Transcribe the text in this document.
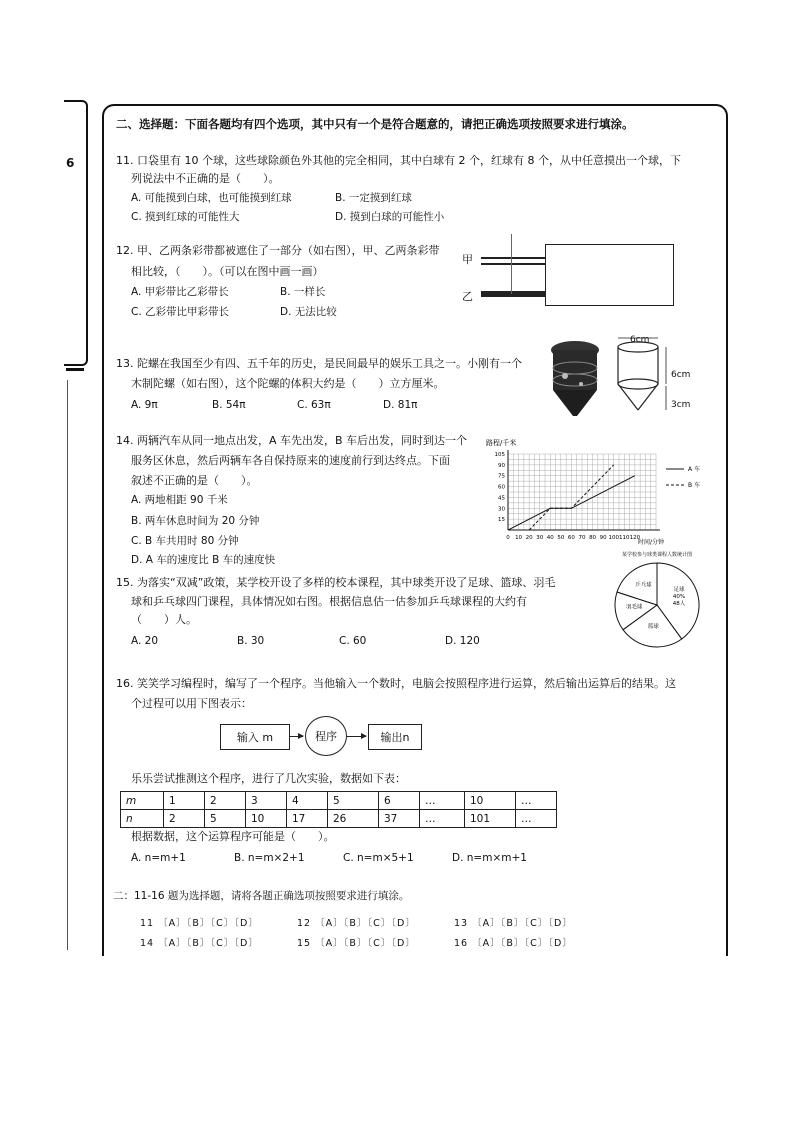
6
二、选择题：下面各题均有四个选项，其中只有一个是符合题意的，请把正确选项按照要求进行填涂。
11. 口袋里有 10 个球，这些球除颜色外其他的完全相同，其中白球有 2 个，红球有 8 个，从中任意摸出一个球，下
列说法中不正确的是（　　）。
A. 可能摸到白球，也可能摸到红球	B. 一定摸到红球
C. 摸到红球的可能性大	D. 摸到白球的可能性小
12. 甲、乙两条彩带都被遮住了一部分（如右图），甲、乙两条彩带
相比较，（　　）。（可以在图中画一画）
A. 甲彩带比乙彩带长	B. 一样长
C. 乙彩带比甲彩带长	D. 无法比较
甲
乙
13. 陀螺在我国至少有四、五千年的历史，是民间最早的娱乐工具之一。小刚有一个
木制陀螺（如右图），这个陀螺的体积大约是（　　）立方厘米。
A. 9π	B. 54π	C. 63π	D. 81π
6cm
6cm
3cm
14. 两辆汽车从同一地点出发，A 车先出发，B 车后出发，同时到达一个
服务区休息，然后两辆车各自保持原来的速度前行到达终点。下面
叙述不正确的是（　　）。
A. 两地相距 90 千米
B. 两车休息时间为 20 分钟
C. B 车共用时 80 分钟
D. A 车的速度比 B 车的速度快
路程/千米
时间/分钟
105
90
75
60
45
30
15
0 10 20 30 40 50 60 70 80 90 100 110 120
A 车
B 车
15. 为落实“双减”政策，某学校开设了多样的校本课程，其中球类开设了足球、篮球、羽毛
球和乒乓球四门课程，具体情况如右图。根据信息估一估参加乒乓球课程的大约有
（　　）人。
A. 20	B. 30	C. 60	D. 120
某学校参与球类课程人数统计图
足球 40% 48人
篮球
羽毛球
乒乓球
16. 笑笑学习编程时，编写了一个程序。当他输入一个数时，电脑会按照程序进行运算，然后输出运算后的结果。这
个过程可以用下图表示：
输入 m	程序	输出n
乐乐尝试推测这个程序，进行了几次实验，数据如下表：
m	1	2	3	4	5	6	…	10	…
n	2	5	10	17	26	37	…	101	…
根据数据，这个运算程序可能是（　　）。
A. n=m+1	B. n=m×2+1	C. n=m×5+1	D. n=m×m+1
二：11-16 题为选择题，请将各题正确选项按照要求进行填涂。
11 〔A〕〔B〕〔C〕〔D〕	12 〔A〕〔B〕〔C〕〔D〕	13 〔A〕〔B〕〔C〕〔D〕
14 〔A〕〔B〕〔C〕〔D〕	15 〔A〕〔B〕〔C〕〔D〕	16 〔A〕〔B〕〔C〕〔D〕
